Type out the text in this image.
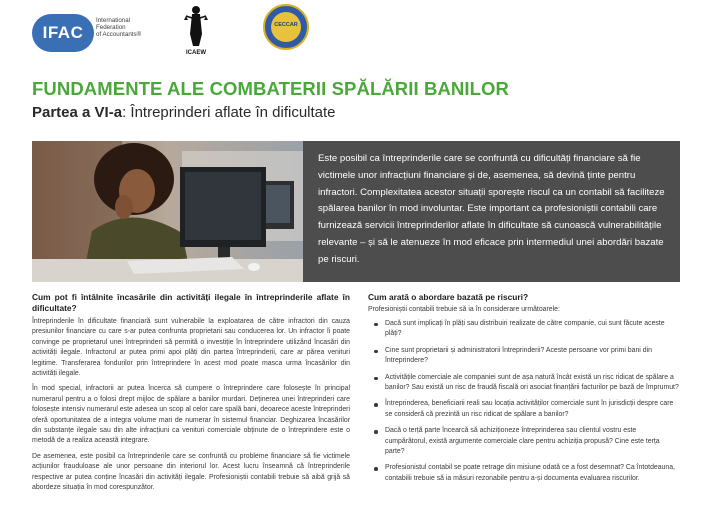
IFAC
International
Federation
of Accountants®
ICAEW
CECCAR
FUNDAMENTE ALE COMBATERII SPĂLĂRII BANILOR
Partea a VI-a: Întreprinderi aflate în dificultate

Este posibil ca întreprinderile care se confruntă cu dificultăți financiare să fie victimele unor infracțiuni financiare și de, asemenea, să devină ținte pentru infractori. Complexitatea acestor situații sporește riscul ca un contabil să faciliteze spălarea banilor în mod involuntar. Este important ca profesioniștii contabili care furnizează servicii întreprinderilor aflate în dificultate să cunoască vulnerabilitățile relevante – și să le atenueze în mod eficace prin intermediul unei abordări bazate pe riscuri.

Cum pot fi întâlnite încasările din activități ilegale în întreprinderile aflate în dificultate?

Întreprinderile în dificultate financiară sunt vulnerabile la exploatarea de către infractori din cauza presiunilor financiare cu care s-ar putea confrunta proprietarii sau conducerea lor. Un infractor îi poate convinge pe proprietarul unei întreprinderi să permită o investiție în întreprindere utilizând încasări din activități ilegale. Infractorul ar putea primi apoi plăți din partea întreprinderii, care ar părea venituri legitime. Transferarea fondurilor prin întreprindere în acest mod poate masca urma încasărilor din activități ilegale.

În mod special, infractorii ar putea încerca să cumpere o întreprindere care folosește în principal numerarul pentru a o folosi drept mijloc de spălare a banilor murdari. Deținerea unei întreprinderi care folosește intensiv numerarul este adesea un scop al celor care spală bani, deoarece aceste întreprinderi oferă oportunitatea de a integra volume mari de numerar în sistemul financiar. Deghizarea încasărilor din substanțe ilegale sau din alte infracțiuni ca venituri comerciale obținute de o întreprindere este o metodă de a realiza această integrare.

De asemenea, este posibil ca întreprinderile care se confruntă cu probleme financiare să fie victimele acțiunilor frauduloase ale unor persoane din interiorul lor. Acest lucru înseamnă că întreprinderile respective ar putea conține încasări din activități ilegale. Profesioniștii contabili trebuie să aibă grijă să abordeze situația în mod corespunzător.

Cum arată o abordare bazată pe riscuri?

Profesioniștii contabili trebuie să ia în considerare următoarele:

Dacă sunt implicați în plăți sau distribuiri realizate de către companie, cui sunt făcute aceste plăți?
Cine sunt proprietarii și administratorii întreprinderii? Aceste persoane vor primi bani din întreprindere?
Activitățile comerciale ale companiei sunt de așa natură încât există un risc ridicat de spălare a banilor? Sau există un risc de fraudă fiscală ori asociat finanțării facturilor pe bază de împrumut?
Întreprinderea, beneficiarii reali sau locația activităților comerciale sunt în jurisdicții despre care se consideră că prezintă un risc ridicat de spălare a banilor?
Dacă o terță parte încearcă să achiziționeze întreprinderea sau clientul vostru este cumpărătorul, există argumente comerciale clare pentru achiziția propusă? Cine este terța parte?
Profesionistul contabil se poate retrage din misiune odată ce a fost desemnat? Ca întotdeauna, contabilii trebuie să ia măsuri rezonabile pentru a-și documenta evaluarea riscurilor.
